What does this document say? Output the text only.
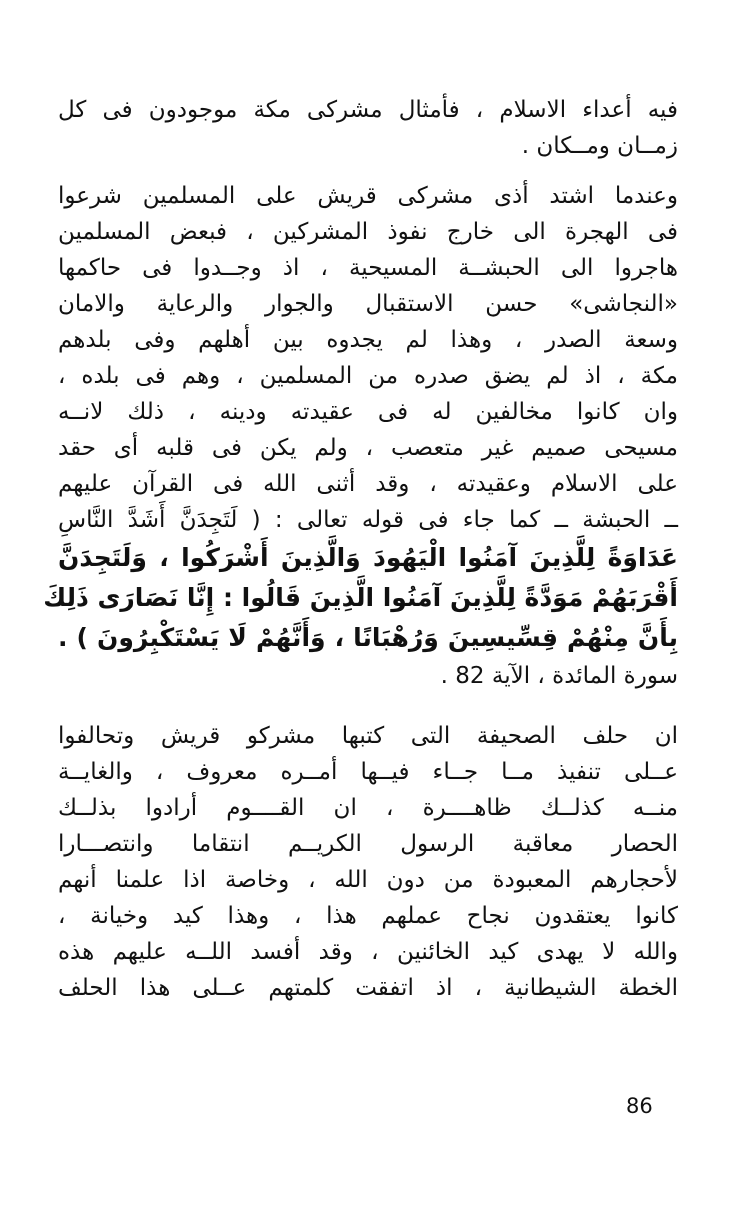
فيه أعداء الاسلام ، فأمثال مشركى مكة موجودون فى كل
زمــان ومــكان .
وعندما اشتد أذى مشركى قريش على المسلمين شرعوا
فى الهجرة الى خارج نفوذ المشركين ، فبعض المسلمين
هاجروا الى الحبشــة المسيحية ، اذ وجــدوا فى حاكمها
«النجاشى» حسن الاستقبال والجوار والرعاية والامان
وسعة الصدر ، وهذا لم يجدوه بين أهلهم وفى بلدهم
مكة ، اذ لم يضق صدره من المسلمين ، وهم فى بلده ،
وان كانوا مخالفين له فى عقيدته ودينه ، ذلك لانــه
مسيحى صميم غير متعصب ، ولم يكن فى قلبه أى حقد
على الاسلام وعقيدته ، وقد أثنى الله فى القرآن عليهم
ــ الحبشة ــ كما جاء فى قوله تعالى : ( لَتَجِدَنَّ أَشَدَّ النَّاسِ
عَدَاوَةً لِلَّذِينَ آمَنُوا الْيَهُودَ وَالَّذِينَ أَشْرَكُوا ، وَلَتَجِدَنَّ
أَقْرَبَهُمْ مَوَدَّةً لِلَّذِينَ آمَنُوا الَّذِينَ قَالُوا : إِنَّا نَصَارَى ذَلِكَ
بِأَنَّ مِنْهُمْ قِسِّيسِينَ وَرُهْبَانًا ، وَأَنَّهُمْ لَا يَسْتَكْبِرُونَ ) .
سورة المائدة ، الآية 82 .
ان حلف الصحيفة التى كتبها مشركو قريش وتحالفوا
عــلى تنفيذ مــا جــاء فيــها أمــره معروف ، والغايــة
منــه كذلــك ظاهــــرة ، ان القــــوم أرادوا بذلــك
الحصار معاقبة الرسول الكريــم انتقاما وانتصـــارا
لأحجارهم المعبودة من دون الله ، وخاصة اذا علمنا أنهم
كانوا يعتقدون نجاح عملهم هذا ، وهذا كيد وخيانة ،
والله لا يهدى كيد الخائنين ، وقد أفسد اللــه عليهم هذه
الخطة الشيطانية ، اذ اتفقت كلمتهم عــلى هذا الحلف
86
